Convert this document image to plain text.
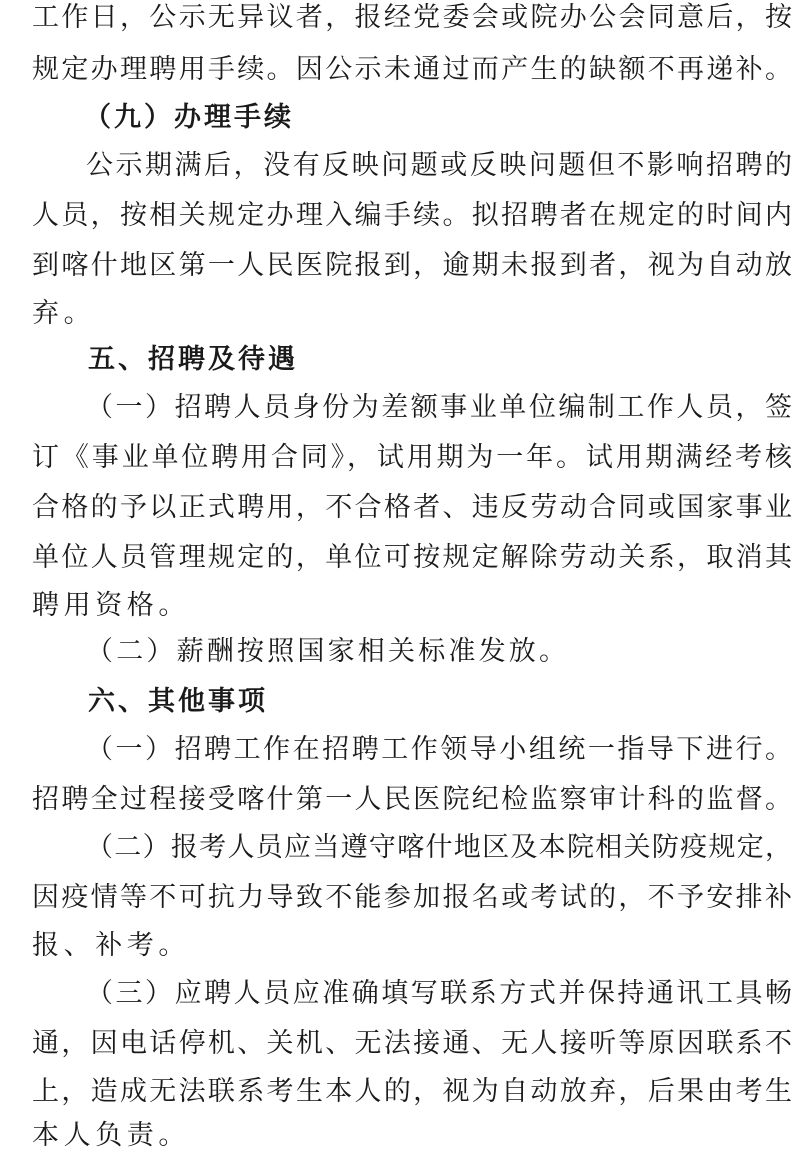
工作日，公示无异议者，报经党委会或院办公会同意后，按
规定办理聘用手续。因公示未通过而产生的缺额不再递补。
（九）办理手续
公示期满后，没有反映问题或反映问题但不影响招聘的
人员，按相关规定办理入编手续。拟招聘者在规定的时间内
到喀什地区第一人民医院报到，逾期未报到者，视为自动放
弃。
五、招聘及待遇
（一）招聘人员身份为差额事业单位编制工作人员，签
订《事业单位聘用合同》，试用期为一年。试用期满经考核
合格的予以正式聘用，不合格者、违反劳动合同或国家事业
单位人员管理规定的，单位可按规定解除劳动关系，取消其
聘用资格。
（二）薪酬按照国家相关标准发放。
六、其他事项
（一）招聘工作在招聘工作领导小组统一指导下进行。
招聘全过程接受喀什第一人民医院纪检监察审计科的监督。
（二）报考人员应当遵守喀什地区及本院相关防疫规定，
因疫情等不可抗力导致不能参加报名或考试的，不予安排补
报、补考。
（三）应聘人员应准确填写联系方式并保持通讯工具畅
通，因电话停机、关机、无法接通、无人接听等原因联系不
上，造成无法联系考生本人的，视为自动放弃，后果由考生
本人负责。
